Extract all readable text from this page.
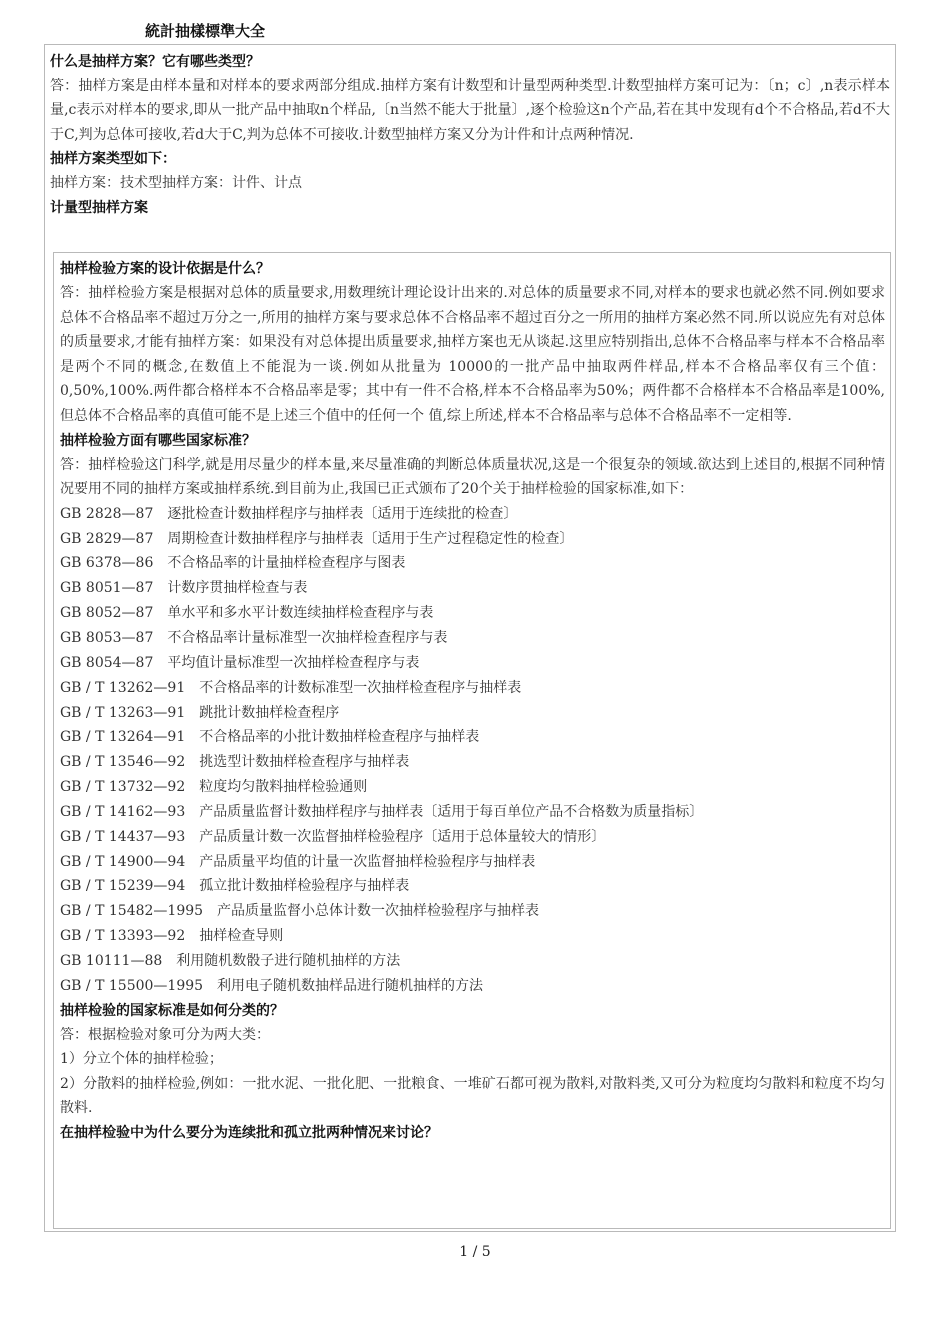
統計抽樣標準大全

什么是抽样方案？它有哪些类型？

答：抽样方案是由样本量和对样本的要求两部分组成.抽样方案有计数型和计量型两种类型.计数型抽样方案可记为：〔n；c〕,n表示样本量,c表示对样本的要求,即从一批产品中抽取n个样品,〔n当然不能大于批量〕,逐个检验这n个产品,若在其中发现有d个不合格品,若d不大于C,判为总体可接收,若d大于C,判为总体不可接收.计数型抽样方案又分为计件和计点两种情况.

抽样方案类型如下：

抽样方案：技术型抽样方案：计件、计点

计量型抽样方案

抽样检验方案的设计依据是什么？

答：抽样检验方案是根据对总体的质量要求,用数理统计理论设计出来的.对总体的质量要求不同,对样本的要求也就必然不同.例如要求总体不合格品率不超过万分之一,所用的抽样方案与要求总体不合格品率不超过百分之一所用的抽样方案必然不同.所以说应先有对总体的质量要求,才能有抽样方案：如果没有对总体提出质量要求,抽样方案也无从谈起.这里应特别指出,总体不合格品率与样本不合格品率是两个不同的概念,在数值上不能混为一谈.例如从批量为 10000的一批产品中抽取两件样品,样本不合格品率仅有三个值：0,50%,100%.两件都合格样本不合格品率是零；其中有一件不合格,样本不合格品率为50%；两件都不合格样本不合格品率是100%,但总体不合格品率的真值可能不是上述三个值中的任何一个 值,综上所述,样本不合格品率与总体不合格品率不一定相等.

抽样检验方面有哪些国家标准？

答：抽样检验这门科学,就是用尽量少的样本量,来尽量准确的判断总体质量状况,这是一个很复杂的领域.欲达到上述目的,根据不同种情况要用不同的抽样方案或抽样系统.到目前为止,我国已正式颁布了20个关于抽样检验的国家标准,如下：

GB 2828—87　逐批检查计数抽样程序与抽样表〔适用于连续批的检查〕

GB 2829—87　周期检查计数抽样程序与抽样表〔适用于生产过程稳定性的检查〕

GB 6378—86　不合格品率的计量抽样检查程序与图表

GB 8051—87　计数序贯抽样检查与表

GB 8052—87　单水平和多水平计数连续抽样检查程序与表

GB 8053—87　不合格品率计量标准型一次抽样检查程序与表

GB 8054—87　平均值计量标准型一次抽样检查程序与表

GB / T 13262—91　不合格品率的计数标准型一次抽样检查程序与抽样表

GB / T 13263—91　跳批计数抽样检查程序

GB / T 13264—91　不合格品率的小批计数抽样检查程序与抽样表

GB / T 13546—92　挑选型计数抽样检查程序与抽样表

GB / T 13732—92　粒度均匀散料抽样检验通则

GB / T 14162—93　产品质量监督计数抽样程序与抽样表〔适用于每百单位产品不合格数为质量指标〕

GB / T 14437—93　产品质量计数一次监督抽样检验程序〔适用于总体量较大的情形〕

GB / T 14900—94　产品质量平均值的计量一次监督抽样检验程序与抽样表

GB / T 15239—94　孤立批计数抽样检验程序与抽样表

GB / T 15482—1995　产品质量监督小总体计数一次抽样检验程序与抽样表

GB / T 13393—92　抽样检查导则

GB 10111—88　利用随机数骰子进行随机抽样的方法

GB / T 15500—1995　利用电子随机数抽样品进行随机抽样的方法

抽样检验的国家标准是如何分类的？

答：根据检验对象可分为两大类：

1）分立个体的抽样检验；

2）分散料的抽样检验,例如：一批水泥、一批化肥、一批粮食、一堆矿石都可视为散料,对散料类,又可分为粒度均匀散料和粒度不均匀散料.

在抽样检验中为什么要分为连续批和孤立批两种情况来讨论？

1 / 5
